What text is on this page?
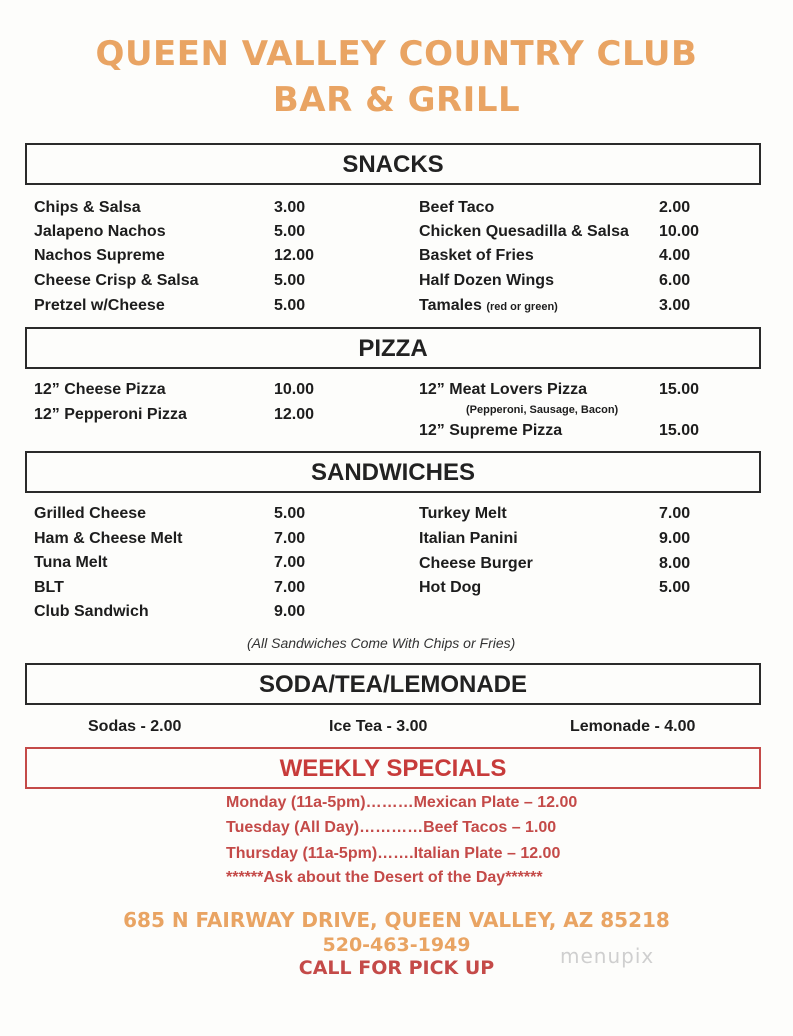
QUEEN VALLEY COUNTRY CLUB
BAR & GRILL
SNACKS
Chips & Salsa	3.00
Jalapeno Nachos	5.00
Nachos Supreme	12.00
Cheese Crisp & Salsa	5.00
Pretzel w/Cheese	5.00
Beef Taco	2.00
Chicken Quesadilla & Salsa 10.00
Basket of Fries	4.00
Half Dozen Wings	6.00
Tamales (red or green)	3.00
PIZZA
12” Cheese Pizza	10.00
12” Pepperoni Pizza	12.00
12” Meat Lovers Pizza	15.00
(Pepperoni, Sausage, Bacon)
12” Supreme Pizza	15.00
SANDWICHES
Grilled Cheese	5.00
Ham & Cheese Melt	7.00
Tuna Melt	7.00
BLT	7.00
Club Sandwich	9.00
Turkey Melt	7.00
Italian Panini	9.00
Cheese Burger	8.00
Hot Dog	5.00
(All Sandwiches Come With Chips or Fries)
SODA/TEA/LEMONADE
Sodas - 2.00	Ice Tea - 3.00	Lemonade - 4.00
WEEKLY SPECIALS
Monday (11a-5pm)………Mexican Plate – 12.00
Tuesday (All Day)…………Beef Tacos – 1.00
Thursday (11a-5pm)…….Italian Plate – 12.00
******Ask about the Desert of the Day******
685 N FAIRWAY DRIVE, QUEEN VALLEY, AZ 85218
520-463-1949
CALL FOR PICK UP	menupix
